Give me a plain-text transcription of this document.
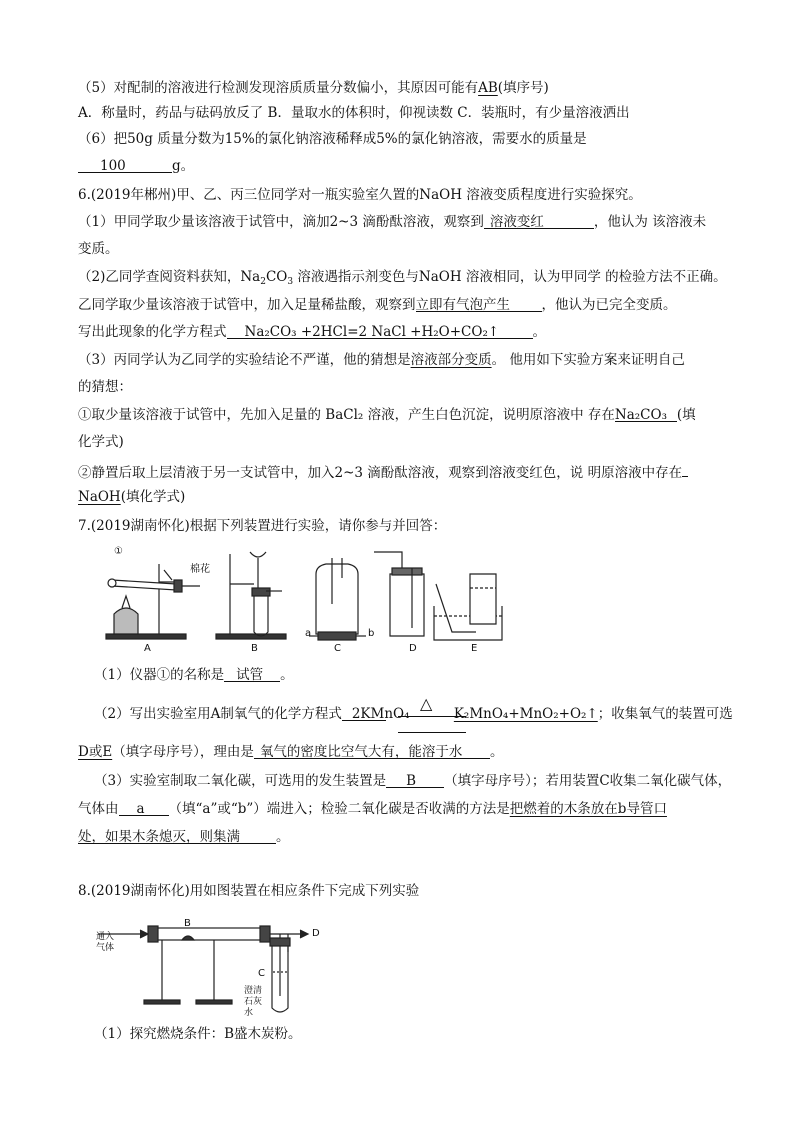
（5）对配制的溶液进行检测发现溶质质量分数偏小，其原因可能有AB(填序号)
A．称量时，药品与砝码放反了 B．量取水的体积时，仰视读数 C．装瓶时，有少量溶液洒出
（6）把50g 质量分数为15%的氯化钠溶液稀释成5%的氯化钠溶液，需要水的质量是
100	g。
6.(2019年郴州)甲、乙、丙三位同学对一瓶实验室久置的NaOH 溶液变质程度进行实验探究。
（1）甲同学取少量该溶液于试管中，滴加2~3 滴酚酞溶液，观察到 溶液变红	，他认为 该溶液未
变质。
（2)乙同学查阅资料获知，$Na_2CO_3$ 溶液遇指示剂变色与NaOH 溶液相同，认为甲同学 的检验方法不正确。
乙同学取少量该溶液于试管中，加入足量稀盐酸，观察到立即有气泡产生 ，他认为已完全变质。
写出此现象的化学方程式 Na₂CO₃ +2HCl=2 NaCl +H₂O+CO₂↑ 。
（3）丙同学认为乙同学的实验结论不严谨，他的猜想是溶液部分变质。 他用如下实验方案来证明自己
的猜想：
①取少量该溶液于试管中，先加入足量的 BaCl₂ 溶液，产生白色沉淀，说明原溶液中 存在Na₂CO₃ (填
化学式)
②静置后取上层清液于另一支试管中，加入2~3 滴酚酞溶液，观察到溶液变红色，说 明原溶液中存在
NaOH(填化学式)
7.(2019湖南怀化)根据下列装置进行实验，请你参与并回答：
①
棉花
a	b
A	B	C	D	E
（1）仪器①的名称是 试管 。
△
（2）写出实验室用A制氧气的化学方程式 2KMnO₄	K₂MnO₄+MnO₂+O₂↑；收集氧气的装置可选
D或E（填字母序号），理由是 氧气的密度比空气大有，能溶于水 。
（3）实验室制取二氧化碳，可选用的发生装置是 B （填字母序号）；若用装置C收集二氧化碳气体，
气体由 a （填“a”或“b”）端进入；检验二氧化碳是否收满的方法是把燃着的木条放在b导管口
处，如果木条熄灭，则集满	。
8.(2019湖南怀化)用如图装置在相应条件下完成下列实验
通入气体
B
C
D
澄清石灰水
（1）探究燃烧条件：B盛木炭粉。
